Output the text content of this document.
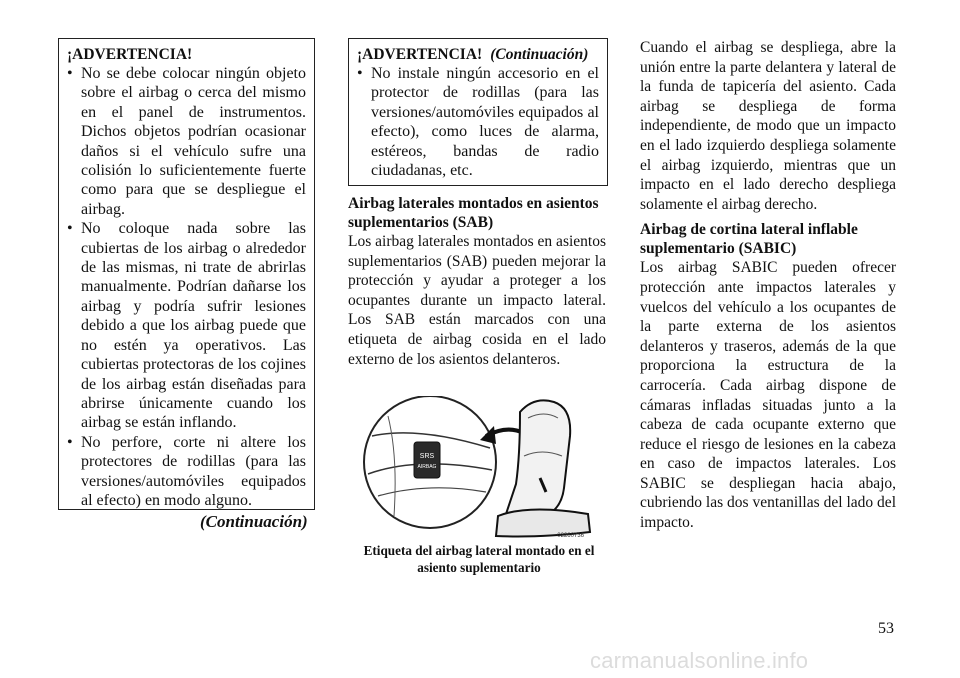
¡ADVERTENCIA!
• No se debe colocar ningún objeto sobre el airbag o cerca del mismo en el panel de instrumentos. Dichos objetos podrían ocasionar daños si el vehículo sufre una colisión lo suficientemente fuerte como para que se despliegue el airbag.
• No coloque nada sobre las cubiertas de los airbag o alrededor de las mismas, ni trate de abrirlas manualmente. Podrían dañarse los airbag y podría sufrir lesiones debido a que los airbag puede que no estén ya operativos. Las cubiertas protectoras de los cojines de los airbag están diseñadas para abrirse únicamente cuando los airbag se están inflando.
• No perfore, corte ni altere los protectores de rodillas (para las versiones/automóviles equipados al efecto) en modo alguno.
(Continuación)
¡ADVERTENCIA! (Continuación)
• No instale ningún accesorio en el protector de rodillas (para las versiones/automóviles equipados al efecto), como luces de alarma, estéreos, bandas de radio ciudadanas, etc.
Airbag laterales montados en asientos suplementarios (SAB)

Los airbag laterales montados en asientos suplementarios (SAB) pueden mejorar la protección y ayudar a proteger a los ocupantes durante un impacto lateral. Los SAB están marcados con una etiqueta de airbag cosida en el lado externo de los asientos delanteros.

SRS
AIRBAG
02260736
Etiqueta del airbag lateral montado en el asiento suplementario

Cuando el airbag se despliega, abre la unión entre la parte delantera y lateral de la funda de tapicería del asiento. Cada airbag se despliega de forma independiente, de modo que un impacto en el lado izquierdo despliega solamente el airbag izquierdo, mientras que un impacto en el lado derecho despliega solamente el airbag derecho.

Airbag de cortina lateral inflable suplementario (SABIC)

Los airbag SABIC pueden ofrecer protección ante impactos laterales y vuelcos del vehículo a los ocupantes de la parte externa de los asientos delanteros y traseros, además de la que proporciona la estructura de la carrocería. Cada airbag dispone de cámaras infladas situadas junto a la cabeza de cada ocupante externo que reduce el riesgo de lesiones en la cabeza en caso de impactos laterales. Los SABIC se despliegan hacia abajo, cubriendo las dos ventanillas del lado del impacto.

53
carmanualsonline.info
